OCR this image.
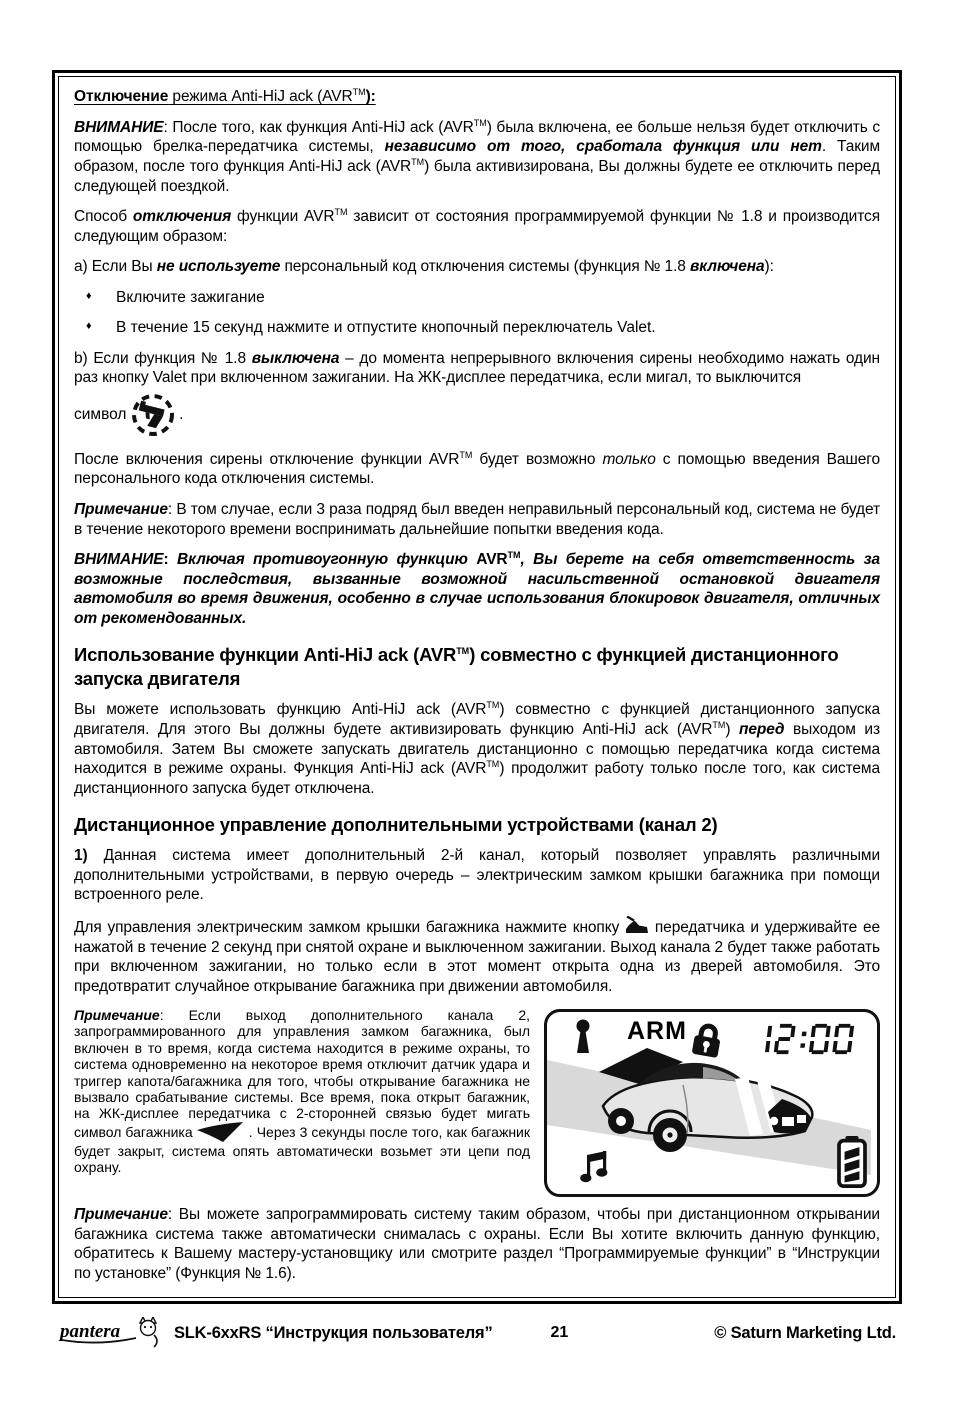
Отключение режима Anti-HiJ ack (AVR™):

ВНИМАНИЕ: После того, как функция Anti-HiJ ack (AVR™) была включена, ее больше нельзя будет отключить с помощью брелка-передатчика системы, независимо от того, сработала функция или нет. Таким образом, после того функция Anti-HiJ ack (AVR™) была активизирована, Вы должны будете ее отключить перед следующей поездкой.

Способ отключения функции AVR™ зависит от состояния программируемой функции № 1.8 и производится следующим образом:

a) Если Вы не используете персональный код отключения системы (функция № 1.8 включена):

♦	Включите зажигание
♦	В течение 15 секунд нажмите и отпустите кнопочный переключатель Valet.

b) Если функция № 1.8 выключена – до момента непрерывного включения сирены необходимо нажать один раз кнопку Valet при включенном зажигании. На ЖК-дисплее передатчика, если мигал, то выключится

символ	.

После включения сирены отключение функции AVR™ будет возможно только с помощью введения Вашего персонального кода отключения системы.

Примечание: В том случае, если 3 раза подряд был введен неправильный персональный код, система не будет в течение некоторого времени воспринимать дальнейшие попытки введения кода.

ВНИМАНИЕ: Включая противоугонную функцию AVR™, Вы берете на себя ответственность за возможные последствия, вызванные возможной насильственной остановкой двигателя автомобиля во время движения, особенно в случае использования блокировок двигателя, отличных от рекомендованных.

Использование функции Anti-HiJ ack (AVR™) совместно с функцией дистанционного запуска двигателя

Вы можете использовать функцию Anti-HiJ ack (AVR™) совместно с функцией дистанционного запуска двигателя. Для этого Вы должны будете активизировать функцию Anti-HiJ ack (AVR™) перед выходом из автомобиля. Затем Вы сможете запускать двигатель дистанционно с помощью передатчика когда система находится в режиме охраны. Функция Anti-HiJ ack (AVR™) продолжит работу только после того, как система дистанционного запуска будет отключена.

Дистанционное управление дополнительными устройствами (канал 2)

1) Данная система имеет дополнительный 2-й канал, который позволяет управлять различными дополнительными устройствами, в первую очередь – электрическим замком крышки багажника при помощи встроенного реле.

Для управления электрическим замком крышки багажника нажмите кнопку  передатчика и удерживайте ее нажатой в течение 2 секунд при снятой охране и выключенном зажигании. Выход канала 2 будет также работать при включенном зажигании, но только если в этот момент открыта одна из дверей автомобиля. Это предотвратит случайное открывание багажника при движении автомобиля.

ARM

Примечание: Если выход дополнительного канала 2, запрограммированного для управления замком багажника, был включен в то время, когда система находится в режиме охраны, то система одновременно на некоторое время отключит датчик удара и триггер капота/багажника для того, чтобы открывание багажника не вызвало срабатывание системы. Все время, пока открыт багажник, на ЖК-дисплее передатчика с 2-сторонней связью будет мигать символ багажника	. Через 3 секунды после того, как багажник будет закрыт, система опять автоматически возьмет эти цепи под охрану.

Примечание: Вы можете запрограммировать систему таким образом, чтобы при дистанционном открывании багажника система также автоматически снималась с охраны. Если Вы хотите включить данную функцию, обратитесь к Вашему мастеру-установщику или смотрите раздел “Программируемые функции” в “Инструкции по установке” (Функция № 1.6).

pantera	SLK-6xxRS “Инструкция пользователя”	21	© Saturn Marketing Ltd.
